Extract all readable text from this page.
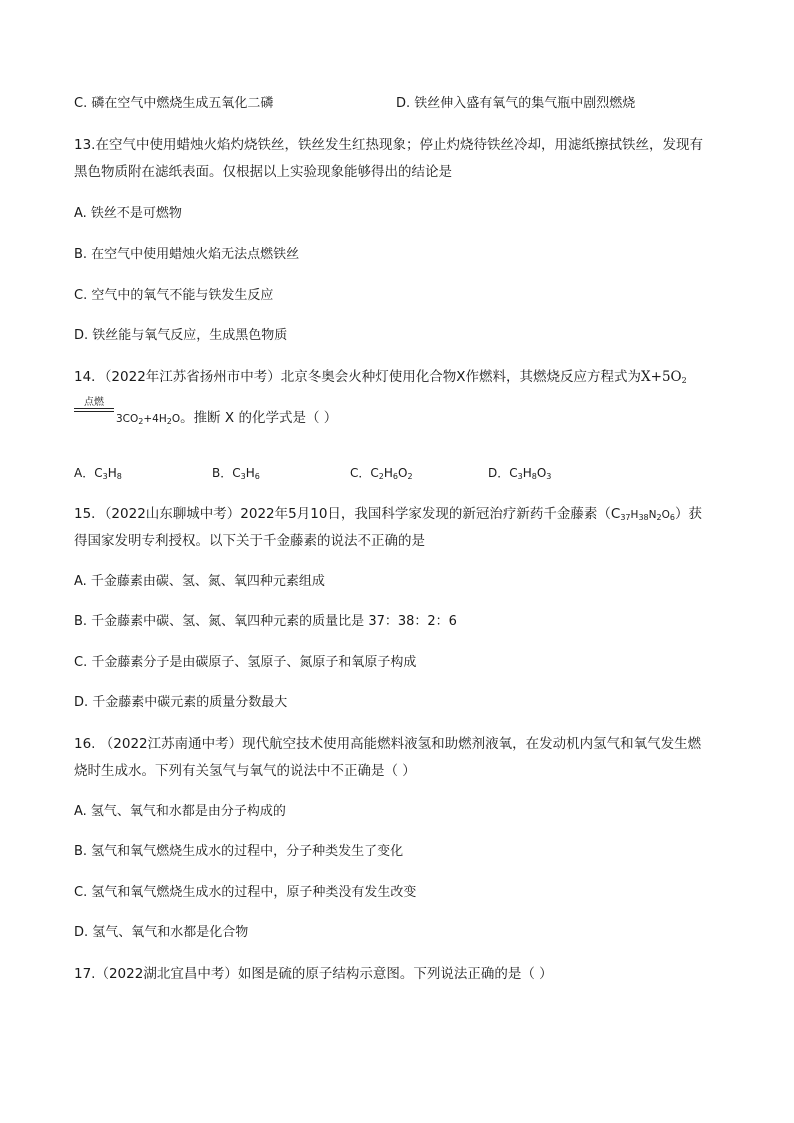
C. 磷在空气中燃烧生成五氧化二磷	D. 铁丝伸入盛有氧气的集气瓶中剧烈燃烧
13.在空气中使用蜡烛火焰灼烧铁丝，铁丝发生红热现象；停止灼烧待铁丝冷却，用滤纸擦拭铁丝，发现有
黑色物质附在滤纸表面。仅根据以上实验现象能够得出的结论是
A. 铁丝不是可燃物
B. 在空气中使用蜡烛火焰无法点燃铁丝
C. 空气中的氧气不能与铁发生反应
D. 铁丝能与氧气反应，生成黑色物质
14．（2022年江苏省扬州市中考）北京冬奥会火种灯使用化合物X作燃料，其燃烧反应方程式为$X+5O_2$
点燃
$3CO_2+4H_2O$。推断 X 的化学式是（ ）
A．$C_3H_8$	B．$C_3H_6$	C．$C_2H_6O_2$	D．$C_3H_8O_3$
15．（2022山东聊城中考）2022年5月10日，我国科学家发现的新冠治疗新药千金藤素$(C_{37}H_{38}N_2O_6)$获
得国家发明专利授权。以下关于千金藤素的说法不正确的是
A. 千金藤素由碳、氢、氮、氧四种元素组成
B. 千金藤素中碳、氢、氮、氧四种元素的质量比是 37：38：2：6
C. 千金藤素分子是由碳原子、氢原子、氮原子和氧原子构成
D. 千金藤素中碳元素的质量分数最大
16. （2022江苏南通中考）现代航空技术使用高能燃料液氢和助燃剂液氧，在发动机内氢气和氧气发生燃
烧时生成水。下列有关氢气与氧气的说法中不正确是（ ）
A. 氢气、氧气和水都是由分子构成的
B. 氢气和氧气燃烧生成水的过程中，分子种类发生了变化
C. 氢气和氧气燃烧生成水的过程中，原子种类没有发生改变
D. 氢气、氧气和水都是化合物
17.（2022湖北宜昌中考）如图是硫的原子结构示意图。下列说法正确的是（ ）
